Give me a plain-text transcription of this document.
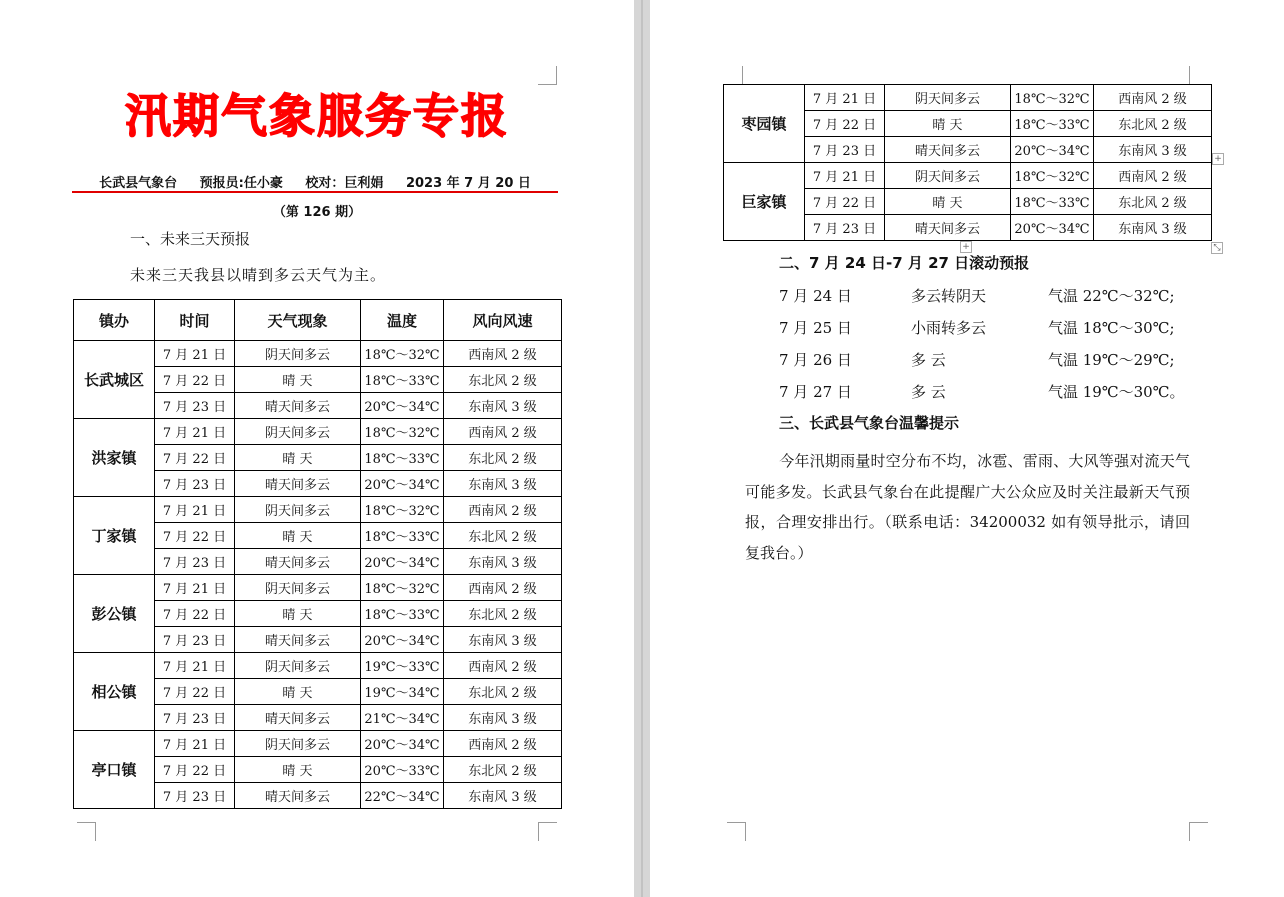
汛期气象服务专报
长武县气象台 预报员:任小豪 校对：巨利娟 2023 年 7 月 20 日
（第 126 期）
一、未来三天预报
未来三天我县以晴到多云天气为主。
镇办	时间	天气现象	温度	风向风速
长武城区	7 月 21 日	阴天间多云	18℃～32℃	西南风 2 级
	7 月 22 日	晴 天	18℃～33℃	东北风 2 级
	7 月 23 日	晴天间多云	20℃～34℃	东南风 3 级
洪家镇	7 月 21 日	阴天间多云	18℃～32℃	西南风 2 级
	7 月 22 日	晴 天	18℃～33℃	东北风 2 级
	7 月 23 日	晴天间多云	20℃～34℃	东南风 3 级
丁家镇	7 月 21 日	阴天间多云	18℃～32℃	西南风 2 级
	7 月 22 日	晴 天	18℃～33℃	东北风 2 级
	7 月 23 日	晴天间多云	20℃～34℃	东南风 3 级
彭公镇	7 月 21 日	阴天间多云	18℃～32℃	西南风 2 级
	7 月 22 日	晴 天	18℃～33℃	东北风 2 级
	7 月 23 日	晴天间多云	20℃～34℃	东南风 3 级
相公镇	7 月 21 日	阴天间多云	19℃～33℃	西南风 2 级
	7 月 22 日	晴 天	19℃～34℃	东北风 2 级
	7 月 23 日	晴天间多云	21℃～34℃	东南风 3 级
亭口镇	7 月 21 日	阴天间多云	20℃～34℃	西南风 2 级
	7 月 22 日	晴 天	20℃～33℃	东北风 2 级
	7 月 23 日	晴天间多云	22℃～34℃	东南风 3 级
枣园镇	7 月 21 日	阴天间多云	18℃～32℃	西南风 2 级
	7 月 22 日	晴 天	18℃～33℃	东北风 2 级
	7 月 23 日	晴天间多云	20℃～34℃	东南风 3 级
巨家镇	7 月 21 日	阴天间多云	18℃～32℃	西南风 2 级
	7 月 22 日	晴 天	18℃～33℃	东北风 2 级
	7 月 23 日	晴天间多云	20℃～34℃	东南风 3 级
+
+	⤡
二、7 月 24 日-7 月 27 日滚动预报
7 月 24 日	多云转阴天	气温 22℃～32℃;
7 月 25 日	小雨转多云	气温 18℃～30℃;
7 月 26 日	多 云	气温 19℃～29℃;
7 月 27 日	多 云	气温 19℃～30℃。
三、长武县气象台温馨提示
今年汛期雨量时空分布不均，冰雹、雷雨、大风等强对流天气可能多发。长武县气象台在此提醒广大公众应及时关注最新天气预报，合理安排出行。（联系电话：34200032 如有领导批示，请回复我台。）
